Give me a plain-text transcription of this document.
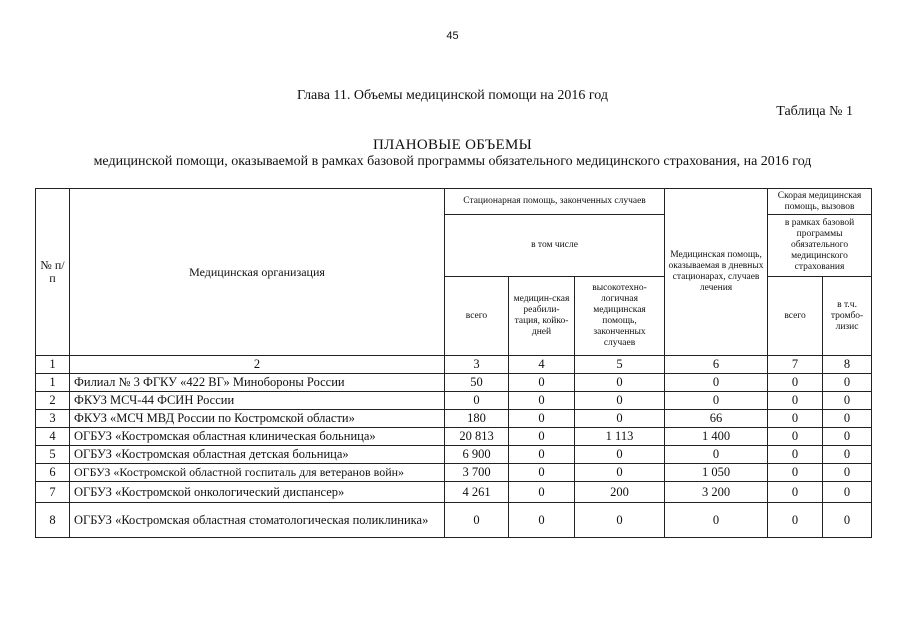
45
Глава 11. Объемы медицинской помощи на 2016 год
Таблица № 1
ПЛАНОВЫЕ ОБЪЕМЫ
медицинской помощи, оказываемой в рамках базовой программы обязательного медицинского страхования, на 2016 год
№ п/п	Медицинская организация	Стационарная помощь, законченных случаев			Медицинская помощь, оказываемая в дневных стационарах, случаев лечения	Скорая медицинская помощь, вызовов	
		в том числе				в рамках базовой программы обязательного медицинского страхования	
		всего	медицин-ская реабили-тация, койко-дней	высокотехно-логичная медицинская помощь, законченных случаев		всего	в т.ч. тромбо-лизис
1	2	3	4	5	6	7	8
1	Филиал № 3 ФГКУ «422 ВГ» Минобороны России	50	0	0	0	0	0
2	ФКУЗ МСЧ-44 ФСИН России	0	0	0	0	0	0
3	ФКУЗ «МСЧ МВД России по Костромской области»	180	0	0	66	0	0
4	ОГБУЗ «Костромская областная клиническая больница»	20 813	0	1 113	1 400	0	0
5	ОГБУЗ «Костромская областная детская больница»	6 900	0	0	0	0	0
6	ОГБУЗ «Костромской областной госпиталь для ветеранов войн»	3 700	0	0	1 050	0	0
7	ОГБУЗ «Костромской онкологический диспансер»	4 261	0	200	3 200	0	0
8	ОГБУЗ «Костромская областная стоматологическая поликлиника»	0	0	0	0	0	0
